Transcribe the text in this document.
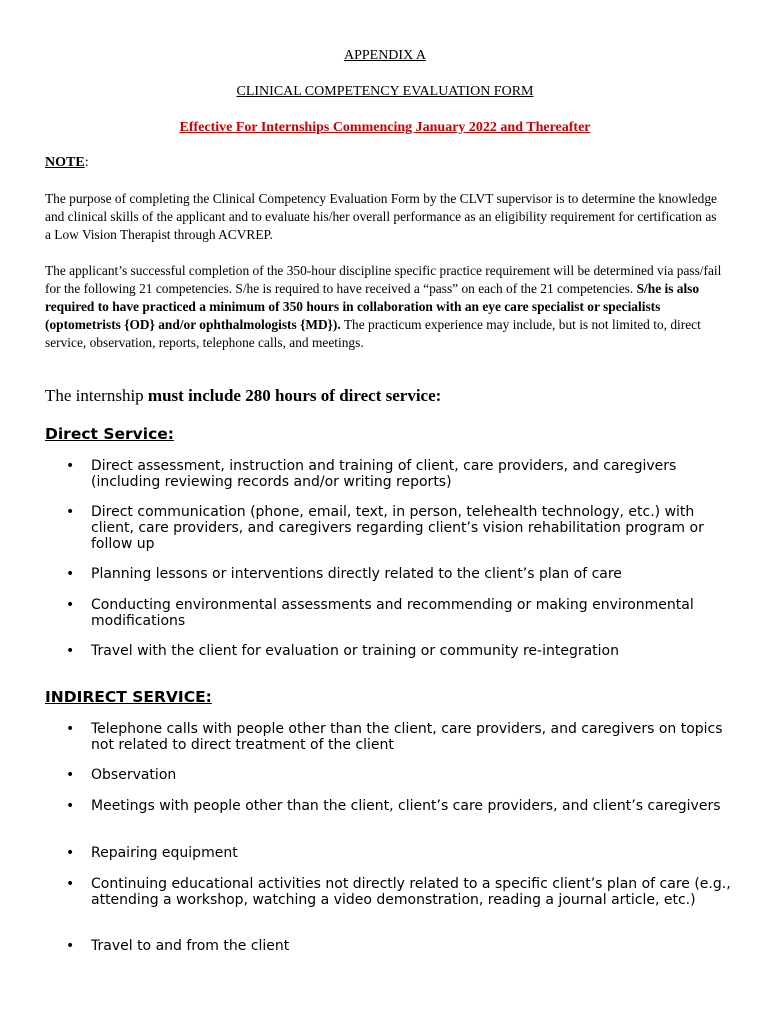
APPENDIX A
CLINICAL COMPETENCY EVALUATION FORM
Effective For Internships Commencing January 2022 and Thereafter
NOTE:
The purpose of completing the Clinical Competency Evaluation Form by the CLVT supervisor is to determine the knowledge and clinical skills of the applicant and to evaluate his/her overall performance as an eligibility requirement for certification as a Low Vision Therapist through ACVREP.
The applicant’s successful completion of the 350-hour discipline specific practice requirement will be determined via pass/fail for the following 21 competencies. S/he is required to have received a “pass” on each of the 21 competencies. S/he is also required to have practiced a minimum of 350 hours in collaboration with an eye care specialist or specialists (optometrists {OD} and/or ophthalmologists {MD}). The practicum experience may include, but is not limited to, direct service, observation, reports, telephone calls, and meetings.
The internship must include 280 hours of direct service:
Direct Service:
• Direct assessment, instruction and training of client, care providers, and caregivers (including reviewing records and/or writing reports)
• Direct communication (phone, email, text, in person, telehealth technology, etc.) with client, care providers, and caregivers regarding client’s vision rehabilitation program or follow up
• Planning lessons or interventions directly related to the client’s plan of care
• Conducting environmental assessments and recommending or making environmental modifications
• Travel with the client for evaluation or training or community re-integration
INDIRECT SERVICE:
• Telephone calls with people other than the client, care providers, and caregivers on topics not related to direct treatment of the client
• Observation
• Meetings with people other than the client, client’s care providers, and client’s caregivers
• Repairing equipment
• Continuing educational activities not directly related to a specific client’s plan of care (e.g., attending a workshop, watching a video demonstration, reading a journal article, etc.)
• Travel to and from the client
